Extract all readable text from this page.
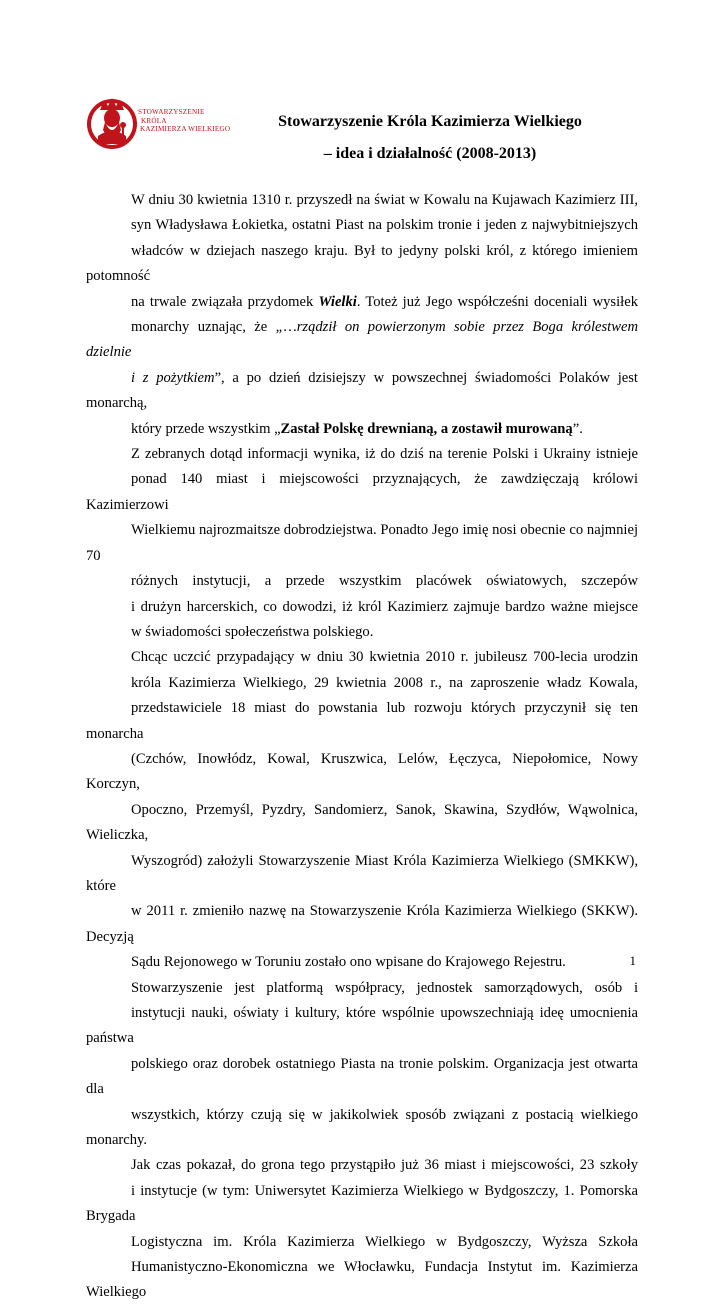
STOWARZYSZENIE
KRÓLA
KAZIMIERZA WIELKIEGO	Stowarzyszenie Króla Kazimierza Wielkiego
– idea i działalność (2008-2013)

W dniu 30 kwietnia 1310 r. przyszedł na świat w Kowalu na Kujawach Kazimierz III,
syn Władysława Łokietka, ostatni Piast na polskim tronie i jeden z najwybitniejszych
władców w dziejach naszego kraju. Był to jedyny polski król, z którego imieniem potomność
na trwale związała przydomek Wielki. Toteż już Jego współcześni doceniali wysiłek
monarchy uznając, że „…rządził on powierzonym sobie przez Boga królestwem dzielnie
i z pożytkiem”, a po dzień dzisiejszy w powszechnej świadomości Polaków jest monarchą,
który przede wszystkim „Zastał Polskę drewnianą, a zostawił murowaną”.

Z zebranych dotąd informacji wynika, iż do dziś na terenie Polski i Ukrainy istnieje
ponad 140 miast i miejscowości przyznających, że zawdzięczają królowi Kazimierzowi
Wielkiemu najrozmaitsze dobrodziejstwa. Ponadto Jego imię nosi obecnie co najmniej 70
różnych instytucji, a przede wszystkim placówek oświatowych, szczepów
i drużyn harcerskich, co dowodzi, iż król Kazimierz zajmuje bardzo ważne miejsce
w świadomości społeczeństwa polskiego.

Chcąc uczcić przypadający w dniu 30 kwietnia 2010 r. jubileusz 700-lecia urodzin
króla Kazimierza Wielkiego, 29 kwietnia 2008 r., na zaproszenie władz Kowala,
przedstawiciele 18 miast do powstania lub rozwoju których przyczynił się ten monarcha
(Czchów, Inowłódz, Kowal, Kruszwica, Lelów, Łęczyca, Niepołomice, Nowy Korczyn,
Opoczno, Przemyśl, Pyzdry, Sandomierz, Sanok, Skawina, Szydłów, Wąwolnica, Wieliczka,
Wyszogród) założyli Stowarzyszenie Miast Króla Kazimierza Wielkiego (SMKKW), które
w 2011 r. zmieniło nazwę na Stowarzyszenie Króla Kazimierza Wielkiego (SKKW). Decyzją
Sądu Rejonowego w Toruniu zostało ono wpisane do Krajowego Rejestru.

Stowarzyszenie jest platformą współpracy, jednostek samorządowych, osób i
instytucji nauki, oświaty i kultury, które wspólnie upowszechniają ideę umocnienia państwa
polskiego oraz dorobek ostatniego Piasta na tronie polskim. Organizacja jest otwarta dla
wszystkich, którzy czują się w jakikolwiek sposób związani z postacią wielkiego monarchy.

Jak czas pokazał, do grona tego przystąpiło już 36 miast i miejscowości, 23 szkoły
i instytucje (w tym: Uniwersytet Kazimierza Wielkiego w Bydgoszczy, 1. Pomorska Brygada
Logistyczna im. Króla Kazimierza Wielkiego w Bydgoszczy, Wyższa Szkoła
Humanistyczno-Ekonomiczna we Włocławku, Fundacja Instytut im. Kazimierza Wielkiego

1
